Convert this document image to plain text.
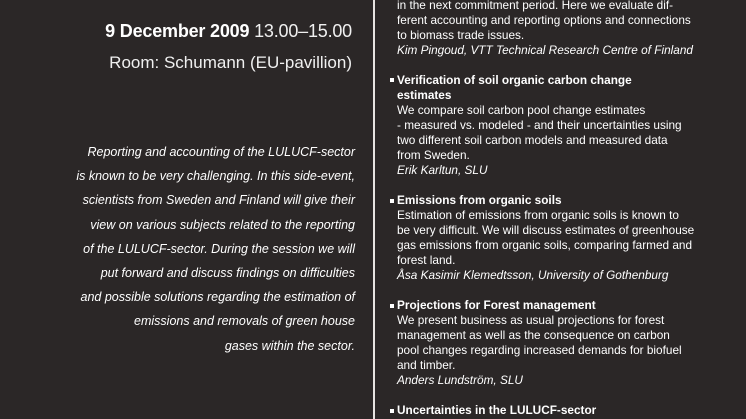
9 December 2009 13.00–15.00
Room: Schumann (EU-pavillion)
Reporting and accounting of the LULUCF-sector
is known to be very challenging. In this side-event,
scientists from Sweden and Finland will give their
view on various subjects related to the reporting
of the LULUCF-sector. During the session we will
put forward and discuss findings on difficulties
and possible solutions regarding the estimation of
emissions and removals of green house
gases within the sector.
in the next commitment period. Here we evaluate dif-
ferent accounting and reporting options and connections
to biomass trade issues.
Kim Pingoud, VTT Technical Research Centre of Finland
Verification of soil organic carbon change
estimates
We compare soil carbon pool change estimates
- measured vs. modeled - and their uncertainties using
two different soil carbon models and measured data
from Sweden.
Erik Karltun, SLU
Emissions from organic soils
Estimation of emissions from organic soils is known to
be very difficult. We will discuss estimates of greenhouse
gas emissions from organic soils, comparing farmed and
forest land.
Åsa Kasimir Klemedtsson, University of Gothenburg
Projections for Forest management
We present business as usual projections for forest
management as well as the consequence on carbon
pool changes regarding increased demands for biofuel
and timber.
Anders Lundström, SLU
Uncertainties in the LULUCF-sector
